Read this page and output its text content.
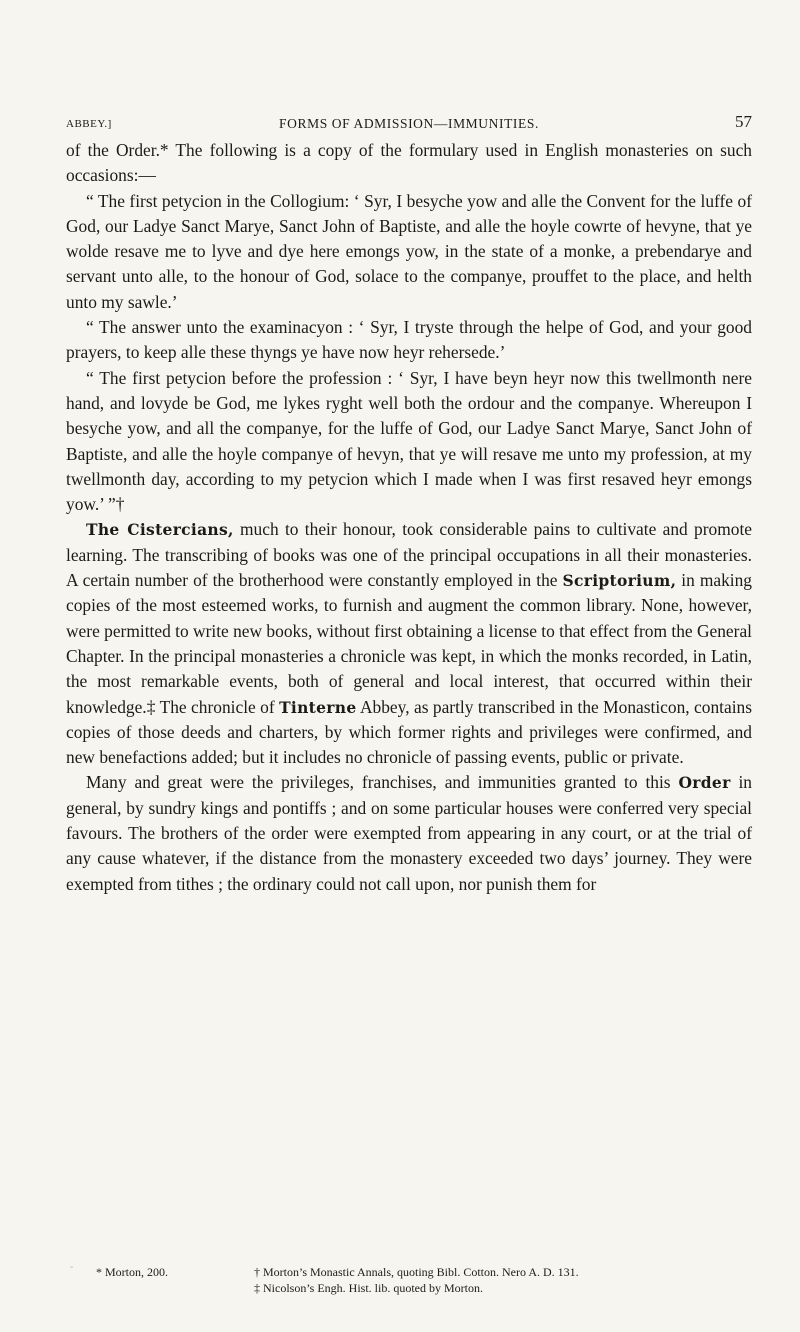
ABBEY.]	FORMS OF ADMISSION—IMMUNITIES.	57

of the Order.* The following is a copy of the formulary used in English monasteries on such occasions:—

“ The first petycion in the Collogium: ‘ Syr, I besyche yow and alle the Convent for the luffe of God, our Ladye Sanct Marye, Sanct John of Baptiste, and alle the hoyle cowrte of hevyne, that ye wolde resave me to lyve and dye here emongs yow, in the state of a monke, a prebendarye and servant unto alle, to the honour of God, solace to the companye, prouffet to the place, and helth unto my sawle.’

“ The answer unto the examinacyon : ‘ Syr, I tryste through the helpe of God, and your good prayers, to keep alle these thyngs ye have now heyr rehersede.’

“ The first petycion before the profession : ‘ Syr, I have beyn heyr now this twellmonth nere hand, and lovyde be God, me lykes ryght well both the ordour and the companye. Whereupon I besyche yow, and all the companye, for the luffe of God, our Ladye Sanct Marye, Sanct John of Baptiste, and alle the hoyle companye of hevyn, that ye will resave me unto my profession, at my twellmonth day, according to my petycion which I made when I was first resaved heyr emongs yow.’ ”†

The Cistercians, much to their honour, took considerable pains to cultivate and promote learning. The transcribing of books was one of the principal occupations in all their monasteries. A certain number of the brotherhood were constantly employed in the Scriptorium, in making copies of the most esteemed works, to furnish and augment the common library. None, however, were permitted to write new books, without first obtaining a license to that effect from the General Chapter. In the principal monasteries a chronicle was kept, in which the monks recorded, in Latin, the most remarkable events, both of general and local interest, that occurred within their knowledge.‡ The chronicle of Tinterne Abbey, as partly transcribed in the Monasticon, contains copies of those deeds and charters, by which former rights and privileges were confirmed, and new benefactions added; but it includes no chronicle of passing events, public or private.

Many and great were the privileges, franchises, and immunities granted to this Order in general, by sundry kings and pontiffs ; and on some particular houses were conferred very special favours. The brothers of the order were exempted from appearing in any court, or at the trial of any cause whatever, if the distance from the monastery exceeded two days’ journey. They were exempted from tithes ; the ordinary could not call upon, nor punish them for

* Morton, 200.	† Morton’s Monastic Annals, quoting Bibl. Cotton. Nero A. D. 131.
‡ Nicolson’s Engh. Hist. lib. quoted by Morton.
-
